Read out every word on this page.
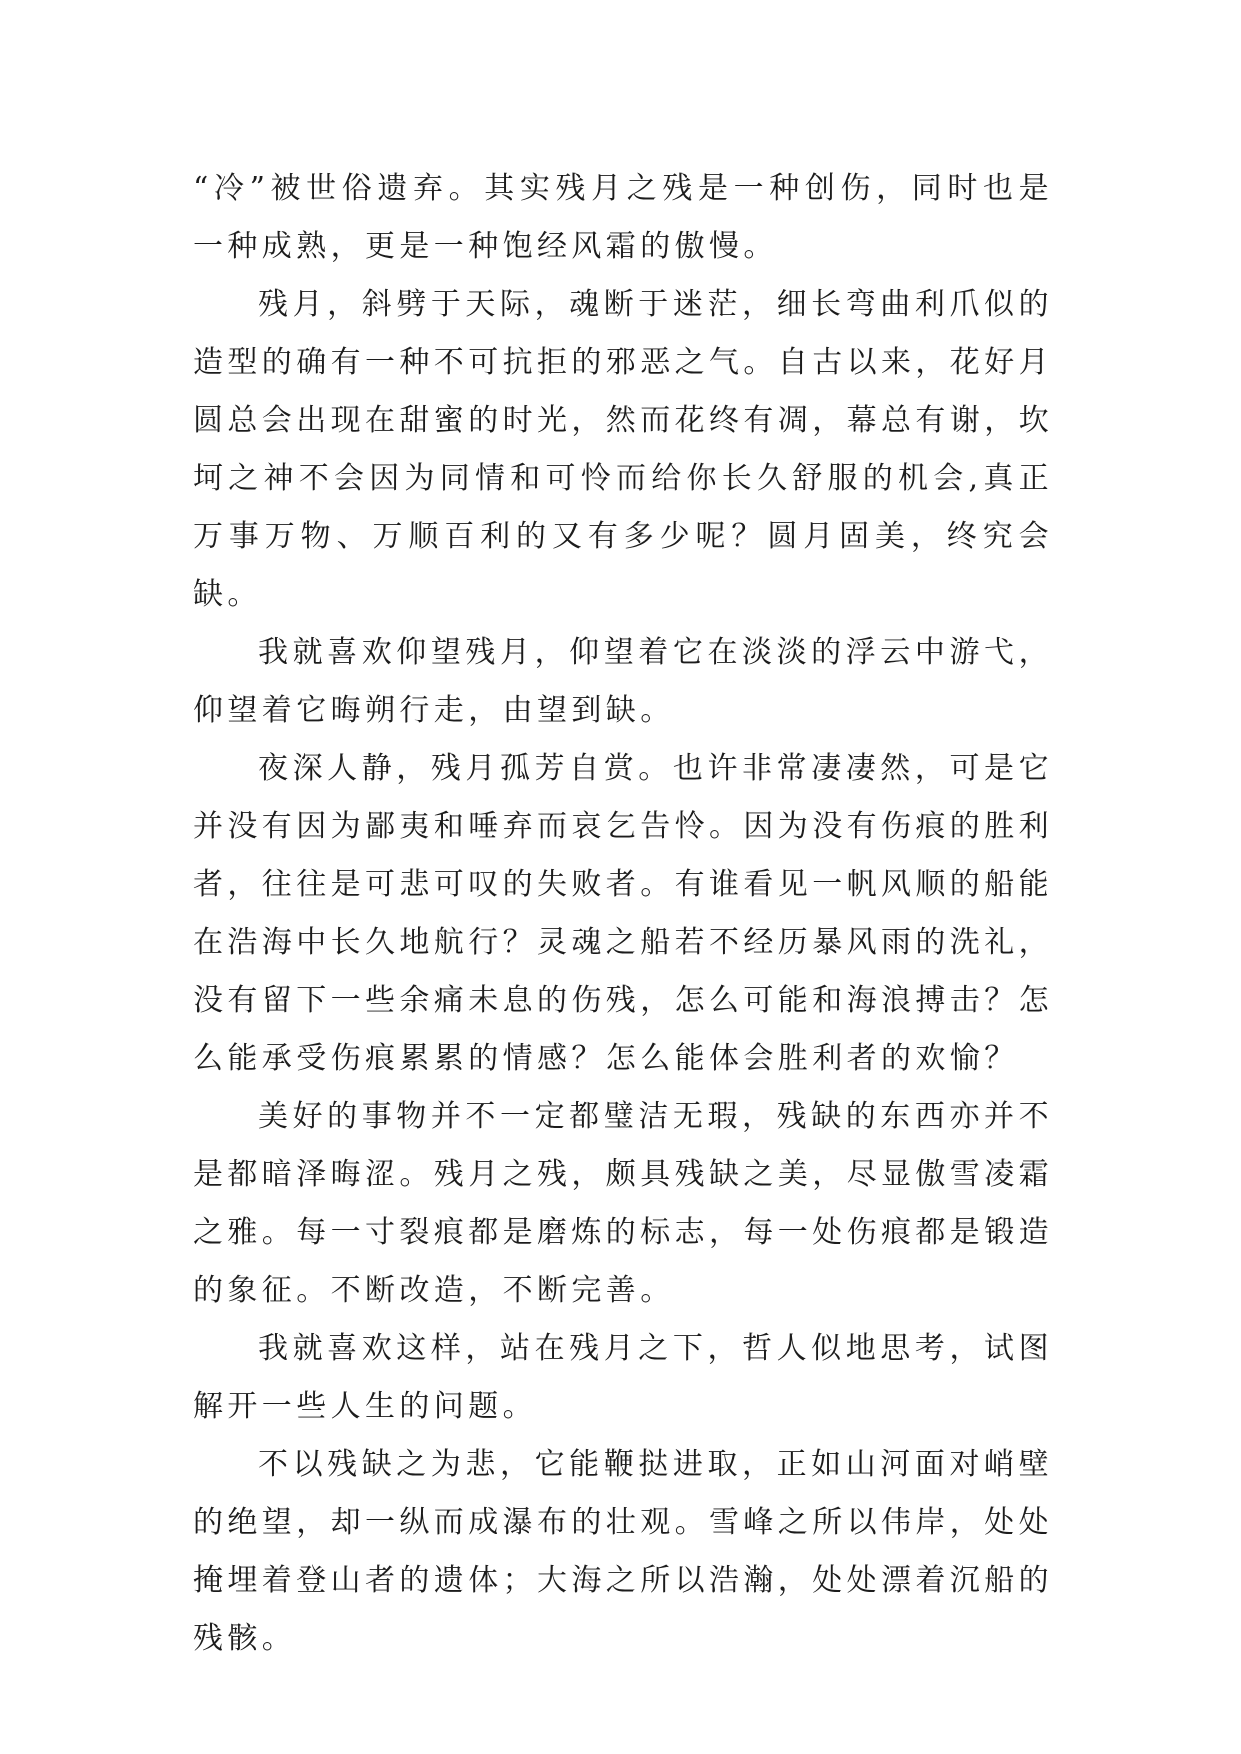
“冷”被世俗遗弃。其实残月之残是一种创伤，同时也是一种成熟，更是一种饱经风霜的傲慢。

残月，斜劈于天际，魂断于迷茫，细长弯曲利爪似的造型的确有一种不可抗拒的邪恶之气。自古以来，花好月圆总会出现在甜蜜的时光，然而花终有凋，幕总有谢，坎坷之神不会因为同情和可怜而给你长久舒服的机会,真正万事万物、万顺百利的又有多少呢？圆月固美，终究会缺。

我就喜欢仰望残月，仰望着它在淡淡的浮云中游弋，仰望着它晦朔行走，由望到缺。

夜深人静，残月孤芳自赏。也许非常凄凄然，可是它并没有因为鄙夷和唾弃而哀乞告怜。因为没有伤痕的胜利者，往往是可悲可叹的失败者。有谁看见一帆风顺的船能在浩海中长久地航行？灵魂之船若不经历暴风雨的洗礼，没有留下一些余痛未息的伤残，怎么可能和海浪搏击？怎么能承受伤痕累累的情感？怎么能体会胜利者的欢愉？

美好的事物并不一定都璧洁无瑕，残缺的东西亦并不是都暗泽晦涩。残月之残，颇具残缺之美，尽显傲雪凌霜之雅。每一寸裂痕都是磨炼的标志，每一处伤痕都是锻造的象征。不断改造，不断完善。

我就喜欢这样，站在残月之下，哲人似地思考，试图解开一些人生的问题。

不以残缺之为悲，它能鞭挞进取，正如山河面对峭壁的绝望，却一纵而成瀑布的壮观。雪峰之所以伟岸，处处掩埋着登山者的遗体；大海之所以浩瀚，处处漂着沉船的残骸。
